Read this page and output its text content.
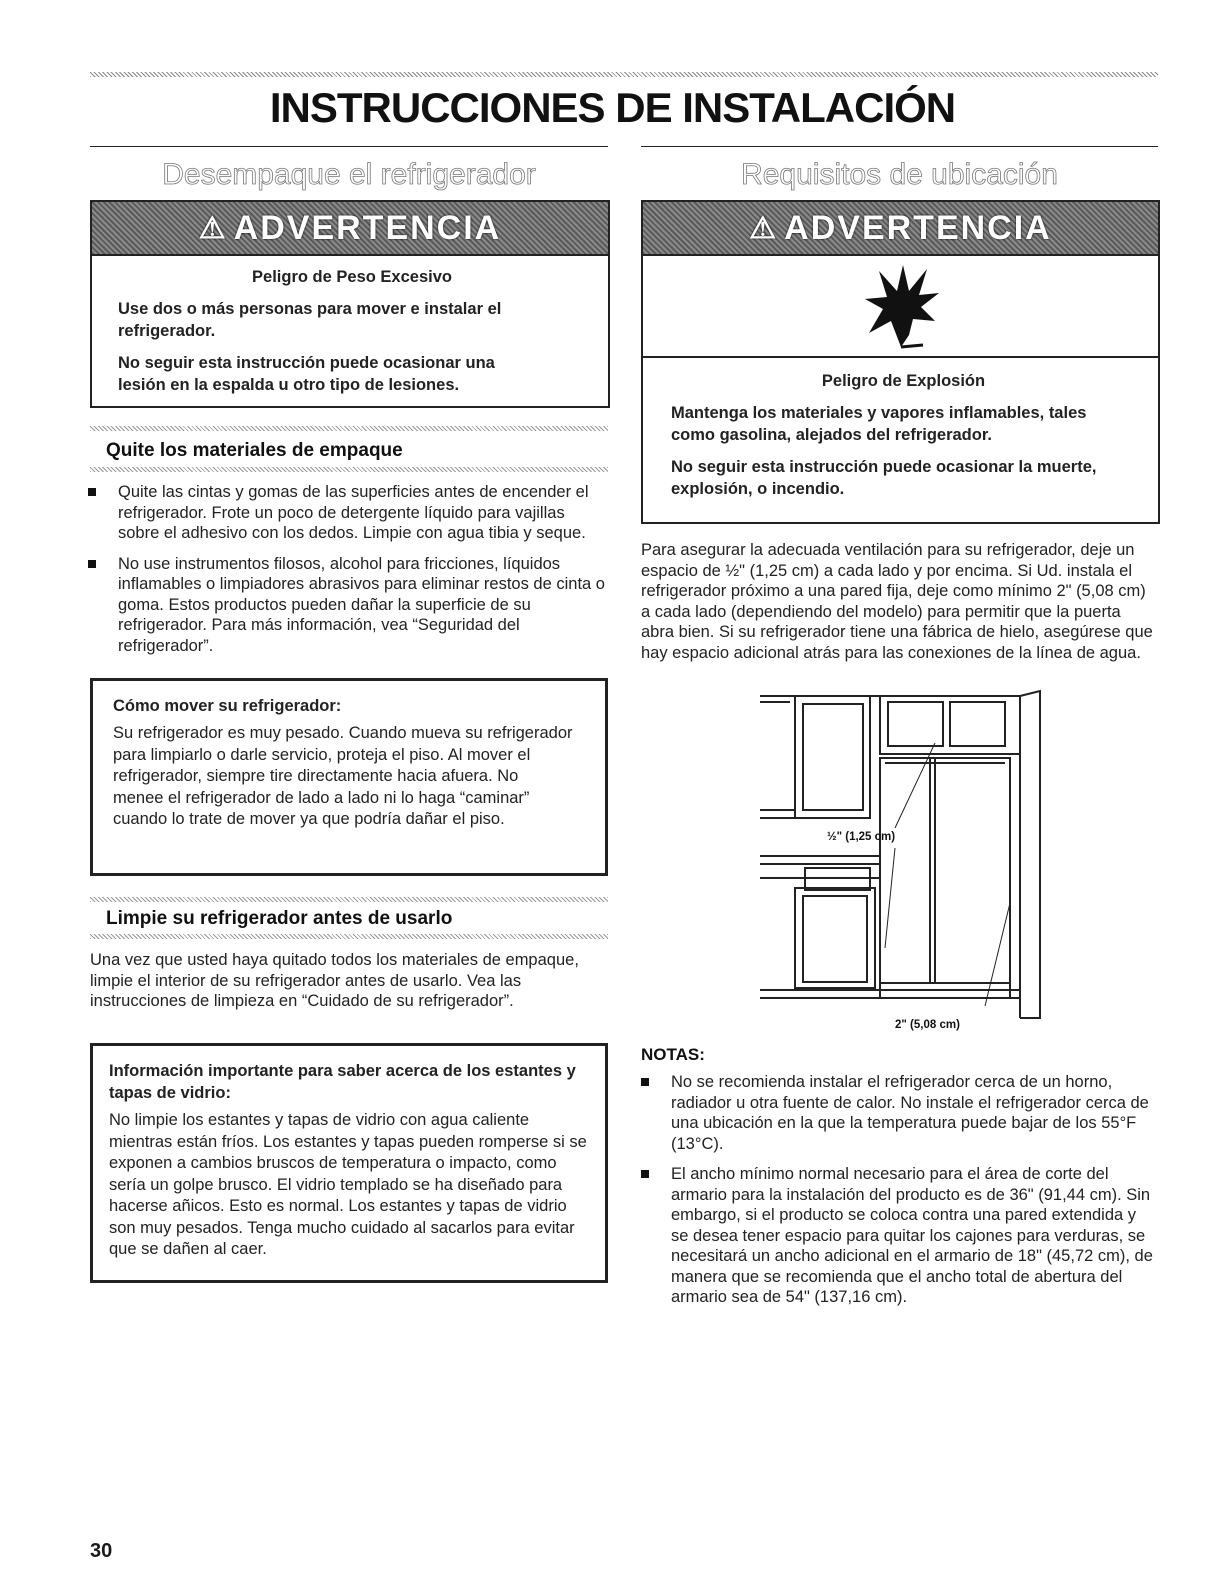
INSTRUCCIONES DE INSTALACIÓN
Desempaque el refrigerador
⚠ ADVERTENCIA
Peligro de Peso Excesivo

Use dos o más personas para mover e instalar el refrigerador.

No seguir esta instrucción puede ocasionar una lesión en la espalda u otro tipo de lesiones.

Quite los materiales de empaque
Quite las cintas y gomas de las superficies antes de encender el refrigerador. Frote un poco de detergente líquido para vajillas sobre el adhesivo con los dedos. Limpie con agua tibia y seque.
No use instrumentos filosos, alcohol para fricciones, líquidos inflamables o limpiadores abrasivos para eliminar restos de cinta o goma. Estos productos pueden dañar la superficie de su refrigerador. Para más información, vea “Seguridad del refrigerador”.
Cómo mover su refrigerador:
Su refrigerador es muy pesado. Cuando mueva su refrigerador para limpiarlo o darle servicio, proteja el piso. Al mover el refrigerador, siempre tire directamente hacia afuera. No menee el refrigerador de lado a lado ni lo haga “caminar” cuando lo trate de mover ya que podría dañar el piso.
Limpie su refrigerador antes de usarlo
Una vez que usted haya quitado todos los materiales de empaque, limpie el interior de su refrigerador antes de usarlo. Vea las instrucciones de limpieza en “Cuidado de su refrigerador”.
Información importante para saber acerca de los estantes y tapas de vidrio:
No limpie los estantes y tapas de vidrio con agua caliente mientras están fríos. Los estantes y tapas pueden romperse si se exponen a cambios bruscos de temperatura o impacto, como sería un golpe brusco. El vidrio templado se ha diseñado para hacerse añicos. Esto es normal. Los estantes y tapas de vidrio son muy pesados. Tenga mucho cuidado al sacarlos para evitar que se dañen al caer.
Requisitos de ubicación
⚠ ADVERTENCIA
Peligro de Explosión

Mantenga los materiales y vapores inflamables, tales como gasolina, alejados del refrigerador.

No seguir esta instrucción puede ocasionar la muerte, explosión, o incendio.

Para asegurar la adecuada ventilación para su refrigerador, deje un espacio de ½" (1,25 cm) a cada lado y por encima. Si Ud. instala el refrigerador próximo a una pared fija, deje como mínimo 2" (5,08 cm) a cada lado (dependiendo del modelo) para permitir que la puerta abra bien. Si su refrigerador tiene una fábrica de hielo, asegúrese que hay espacio adicional atrás para las conexiones de la línea de agua.
½" (1,25 cm)
2" (5,08 cm)
NOTAS:
No se recomienda instalar el refrigerador cerca de un horno, radiador u otra fuente de calor. No instale el refrigerador cerca de una ubicación en la que la temperatura puede bajar de los 55°F (13°C).
El ancho mínimo normal necesario para el área de corte del armario para la instalación del producto es de 36" (91,44 cm). Sin embargo, si el producto se coloca contra una pared extendida y se desea tener espacio para quitar los cajones para verduras, se necesitará un ancho adicional en el armario de 18" (45,72 cm), de manera que se recomienda que el ancho total de abertura del armario sea de 54" (137,16 cm).
30
